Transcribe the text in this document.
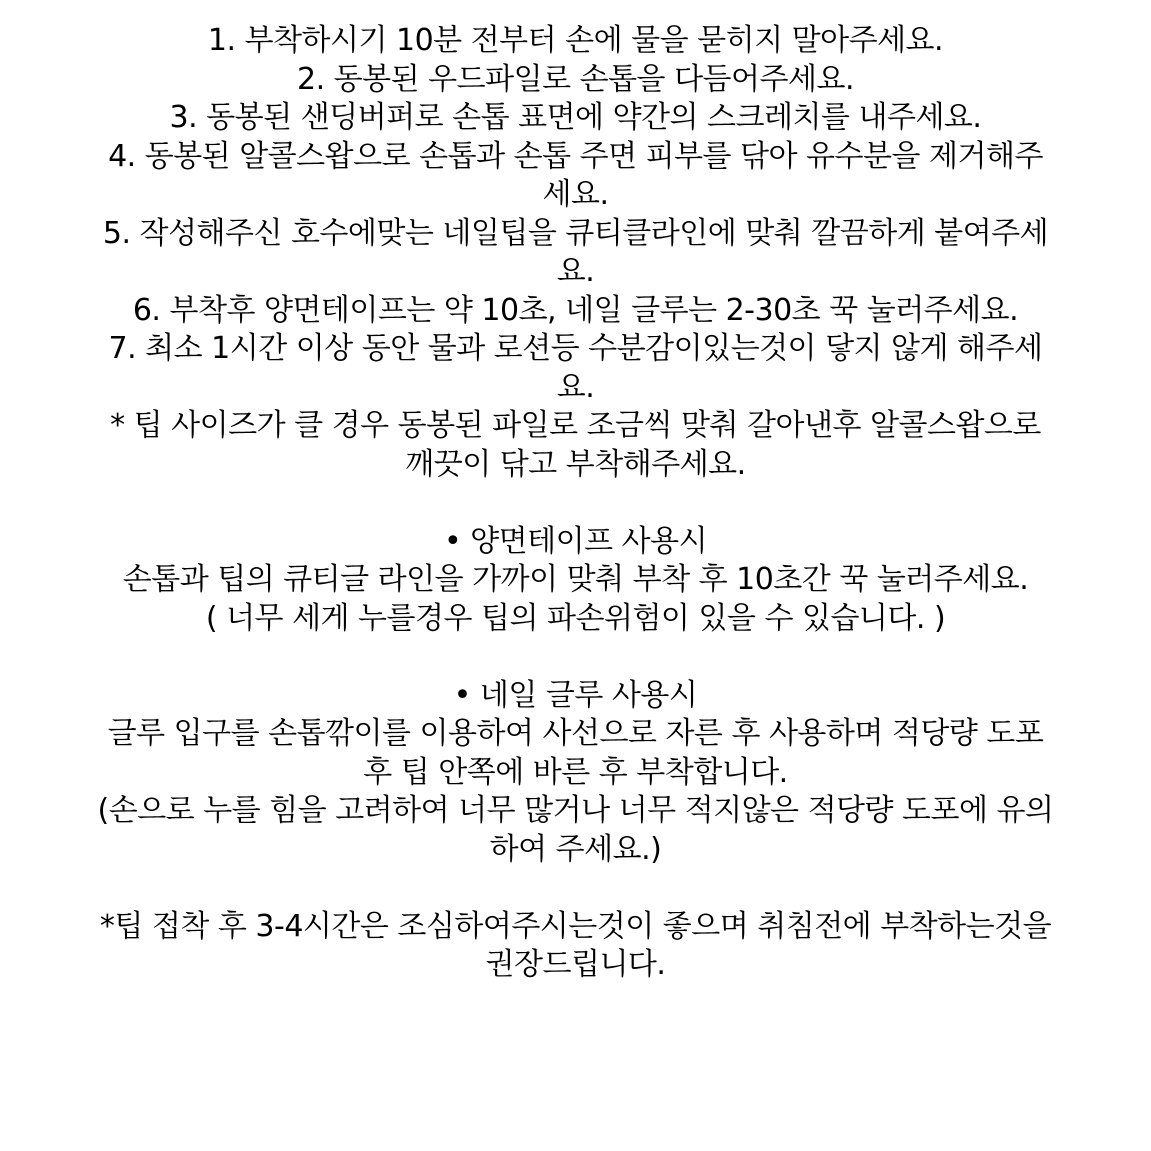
1. 부착하시기 10분 전부터 손에 물을 묻히지 말아주세요.
2. 동봉된 우드파일로 손톱을 다듬어주세요.
3. 동봉된 샌딩버퍼로 손톱 표면에 약간의 스크레치를 내주세요.
4. 동봉된 알콜스왑으로 손톱과 손톱 주면 피부를 닦아 유수분을 제거해주
세요.
5. 작성해주신 호수에맞는 네일팁을 큐티클라인에 맞춰 깔끔하게 붙여주세
요.
6. 부착후 양면테이프는 약 10초, 네일 글루는 2-30초 꾹 눌러주세요.
7. 최소 1시간 이상 동안 물과 로션등 수분감이있는것이 닿지 않게 해주세
요.
* 팁 사이즈가 클 경우 동봉된 파일로 조금씩 맞춰 갈아낸후 알콜스왑으로
깨끗이 닦고 부착해주세요.
• 양면테이프 사용시
손톱과 팁의 큐티글 라인을 가까이 맞춰 부착 후 10초간 꾹 눌러주세요.
( 너무 세게 누를경우 팁의 파손위험이 있을 수 있습니다. )
• 네일 글루 사용시
글루 입구를 손톱깎이를 이용하여 사선으로 자른 후 사용하며 적당량 도포
후 팁 안쪽에 바른 후 부착합니다.
(손으로 누를 힘을 고려하여 너무 많거나 너무 적지않은 적당량 도포에 유의
하여 주세요.)
*팁 접착 후 3-4시간은 조심하여주시는것이 좋으며 취침전에 부착하는것을
권장드립니다.
